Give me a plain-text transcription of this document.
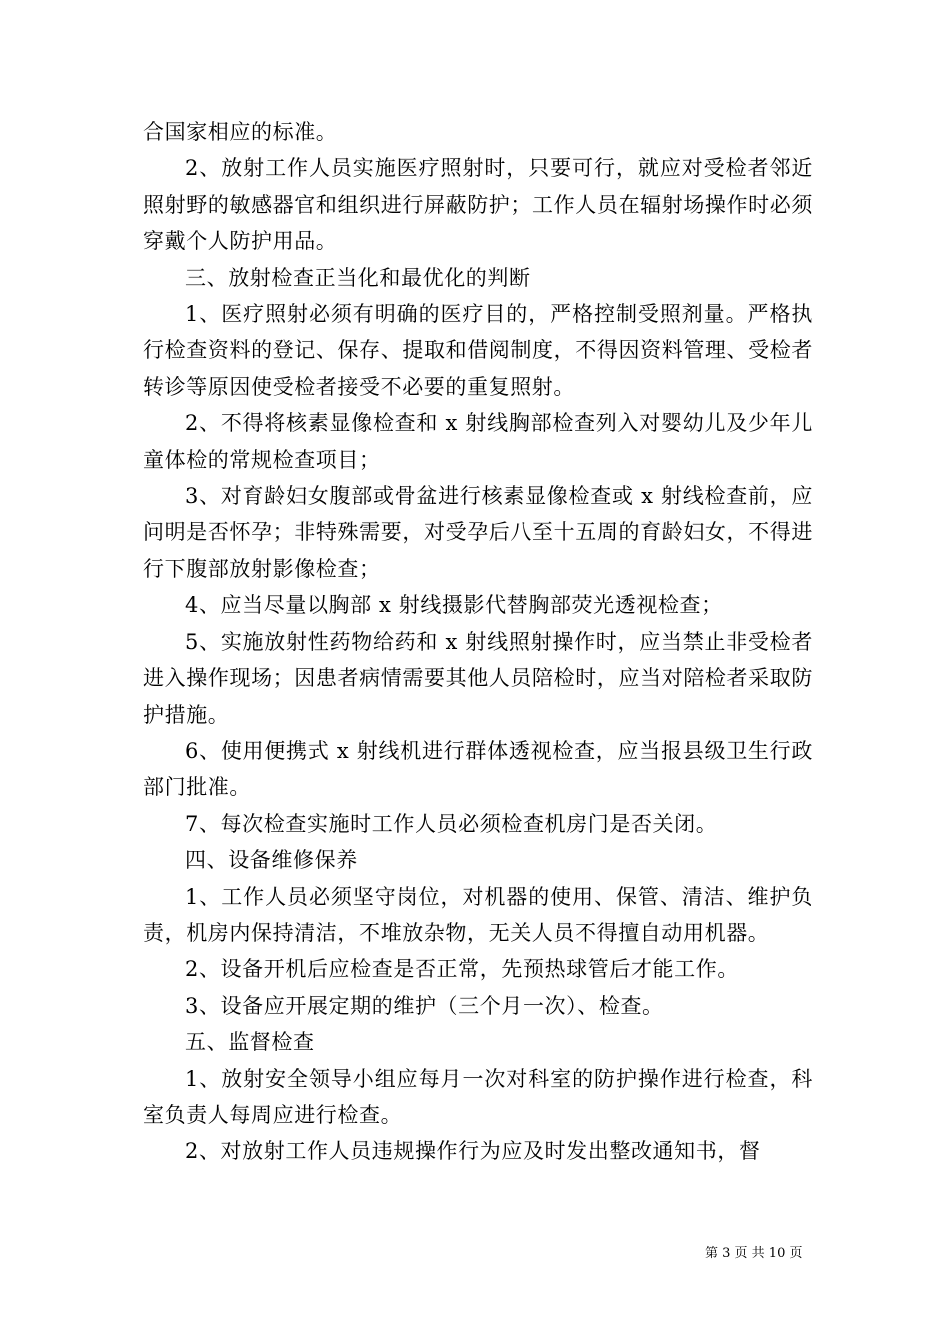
合国家相应的标准。

2、放射工作人员实施医疗照射时，只要可行，就应对受检者邻近照射野的敏感器官和组织进行屏蔽防护；工作人员在辐射场操作时必须穿戴个人防护用品。

三、放射检查正当化和最优化的判断

1、医疗照射必须有明确的医疗目的，严格控制受照剂量。严格执行检查资料的登记、保存、提取和借阅制度，不得因资料管理、受检者转诊等原因使受检者接受不必要的重复照射。

2、不得将核素显像检查和 x 射线胸部检查列入对婴幼儿及少年儿童体检的常规检查项目；

3、对育龄妇女腹部或骨盆进行核素显像检查或 x 射线检查前，应问明是否怀孕；非特殊需要，对受孕后八至十五周的育龄妇女，不得进行下腹部放射影像检查；

4、应当尽量以胸部 x 射线摄影代替胸部荧光透视检查；

5、实施放射性药物给药和 x 射线照射操作时，应当禁止非受检者进入操作现场；因患者病情需要其他人员陪检时，应当对陪检者采取防护措施。

6、使用便携式 x 射线机进行群体透视检查，应当报县级卫生行政部门批准。

7、每次检查实施时工作人员必须检查机房门是否关闭。

四、设备维修保养

1、工作人员必须坚守岗位，对机器的使用、保管、清洁、维护负责，机房内保持清洁，不堆放杂物，无关人员不得擅自动用机器。

2、设备开机后应检查是否正常，先预热球管后才能工作。

3、设备应开展定期的维护（三个月一次）、检查。

五、监督检查

1、放射安全领导小组应每月一次对科室的防护操作进行检查，科室负责人每周应进行检查。

2、对放射工作人员违规操作行为应及时发出整改通知书，督

第 3 页 共 10 页
